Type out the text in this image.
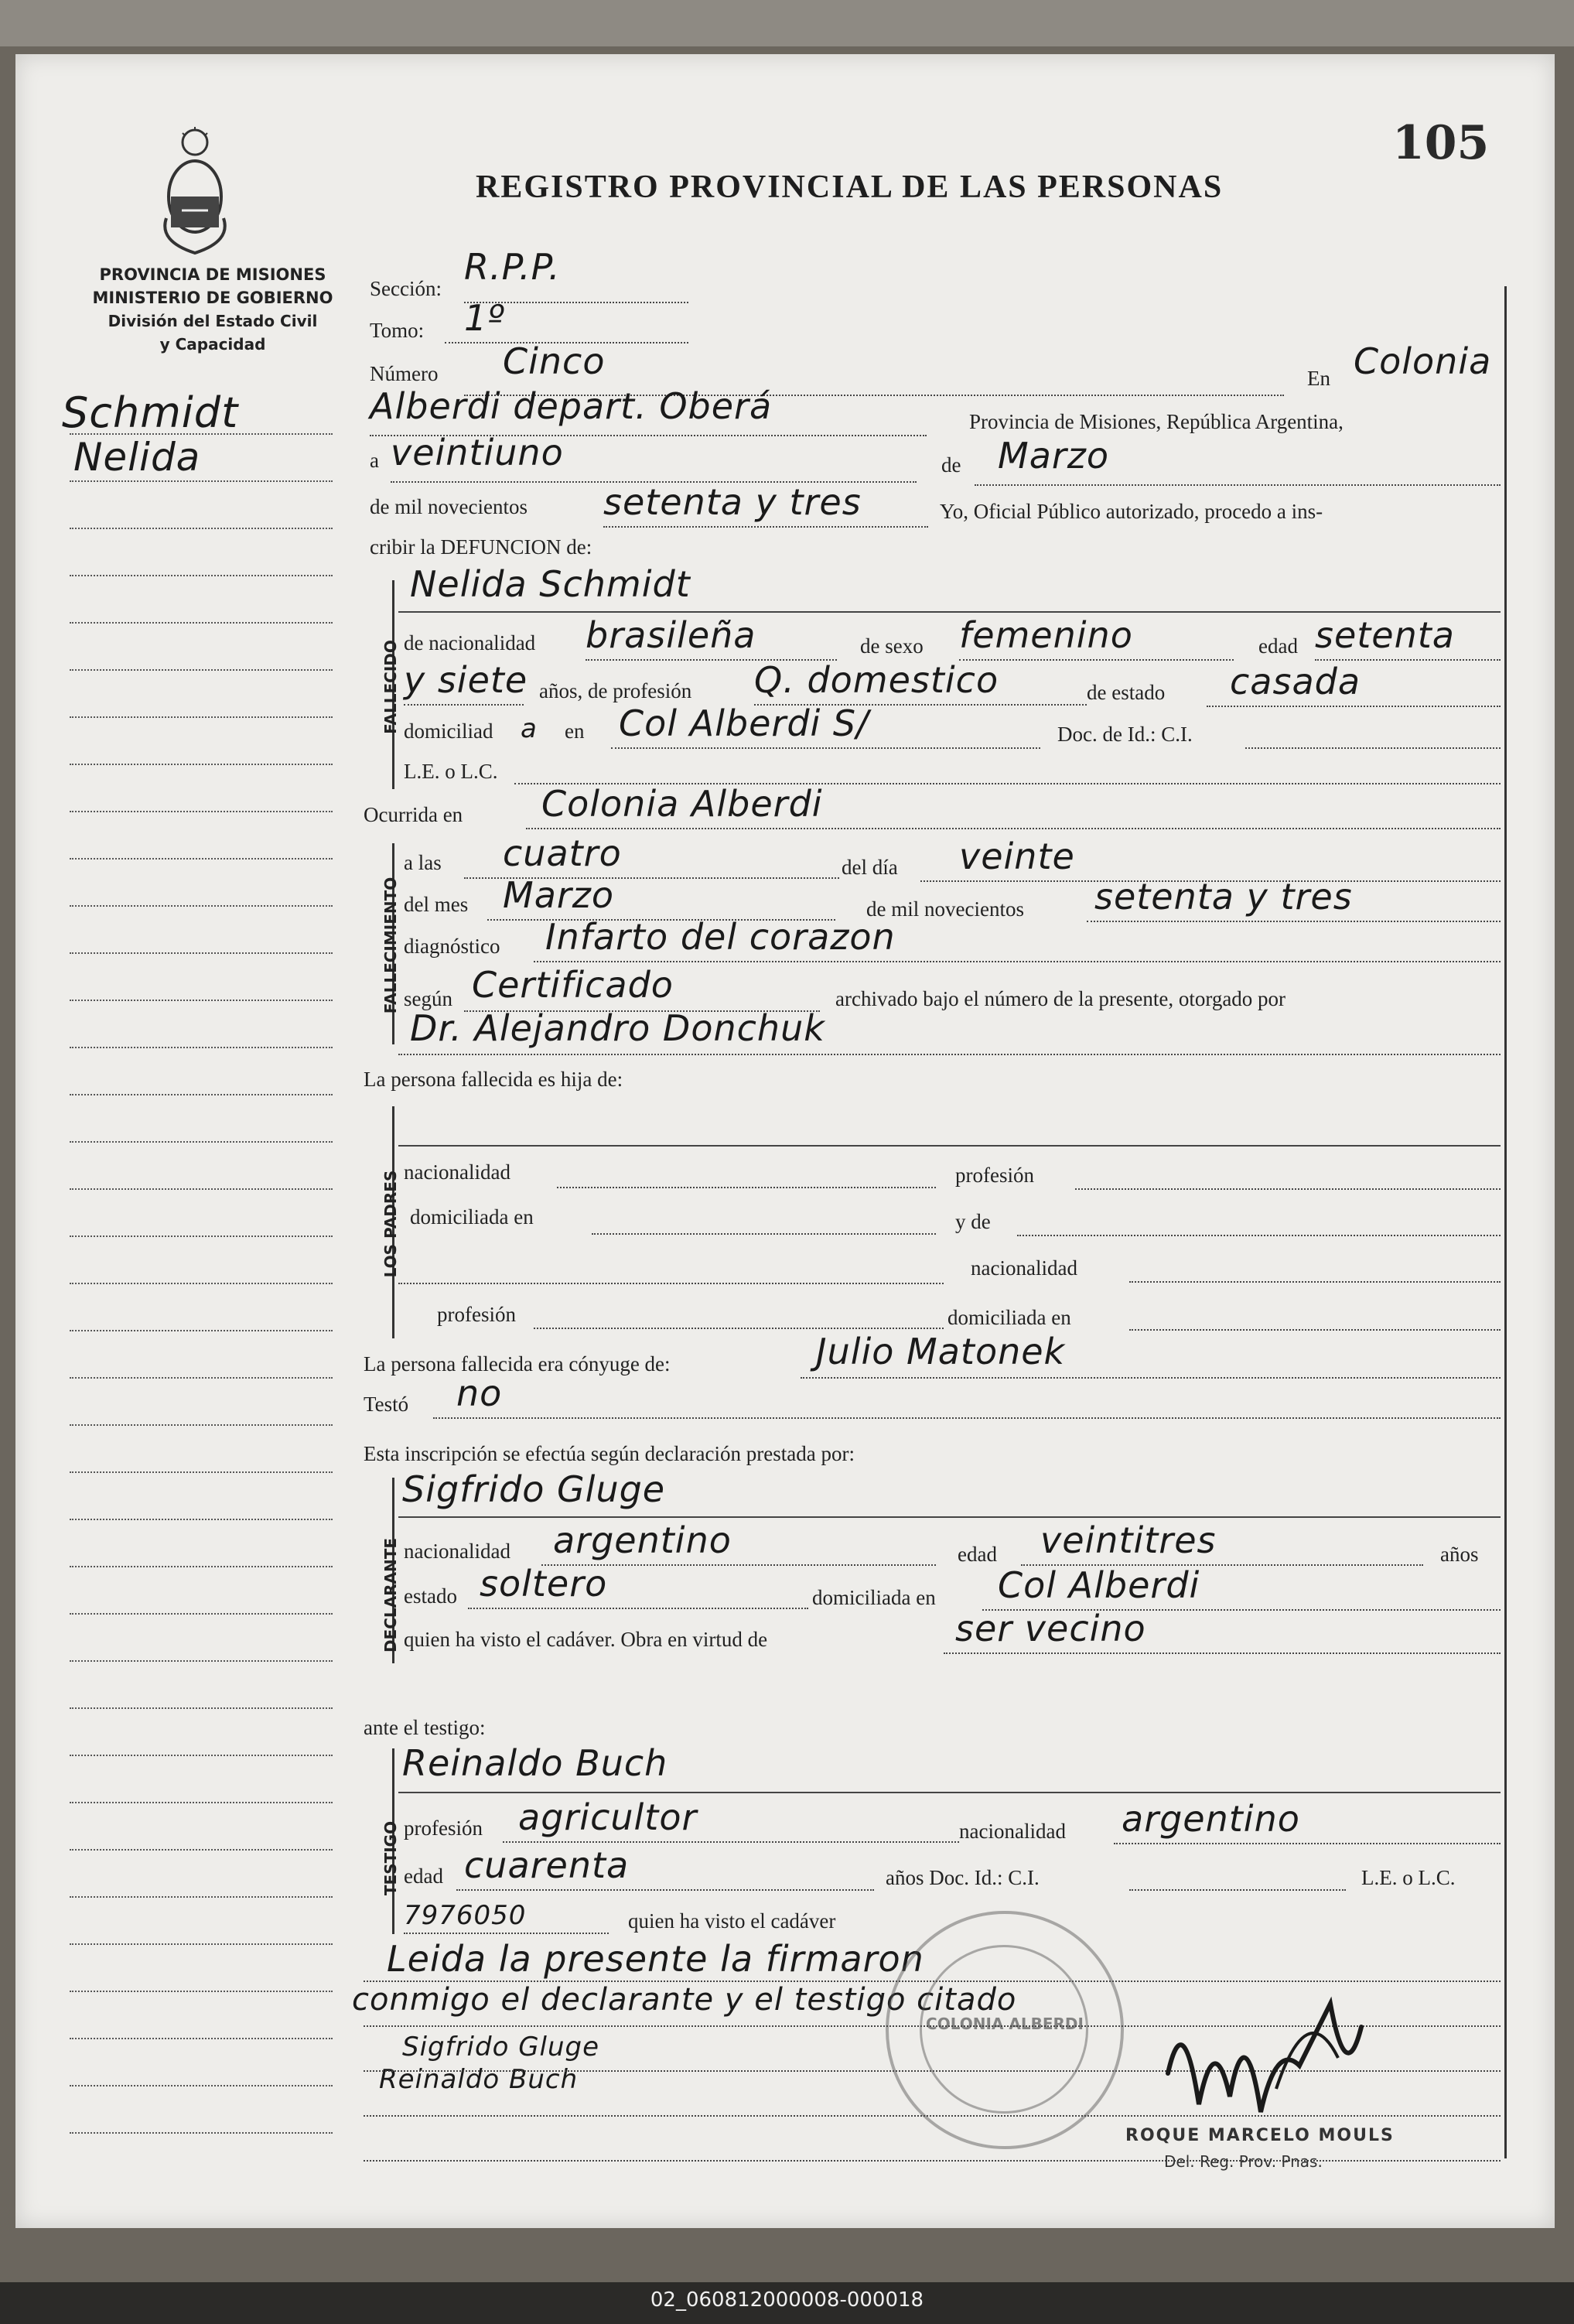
105
REGISTRO PROVINCIAL DE LAS PERSONAS
PROVINCIA DE MISIONES
MINISTERIO DE GOBIERNO
División del Estado Civil
y Capacidad
Schmidt
Nelida
Sección:
R.P.P.
Tomo: 1º
Número Cinco	En Colonia
Alberdi depart. Oberá	Provincia de Misiones, República Argentina,
a veintiuno	de Marzo
de mil novecientos setenta y tres	Yo, Oficial Público autorizado, procedo a ins-
cribir la DEFUNCION de:
FALLECIDO
Nelida Schmidt
de nacionalidad brasileña	de sexo femenino	edad setenta
y siete años, de profesión Q. domestico	de estado casada
domiciliad a en Col Alberdi S/	Doc. de Id.: C.I.
L.E. o L.C.
Ocurrida en Colonia Alberdi
FALLECIMIENTO
a las cuatro	del día veinte
del mes Marzo	de mil novecientos setenta y tres
diagnóstico Infarto del corazon
según Certificado	archivado bajo el número de la presente, otorgado por
Dr. Alejandro Donchuk
La persona fallecida es hija de:
LOS PADRES nacionalidad	profesión
domiciliada en	y de
nacionalidad
profesión	domiciliada en
La persona fallecida era cónyuge de:	Julio Matonek
Testó no
Esta inscripción se efectúa según declaración prestada por:
DECLARANTE
Sigfrido Gluge
nacionalidad argentino	edad veintitres	años
estado soltero	domiciliada en Col Alberdi
quien ha visto el cadáver. Obra en virtud de	ser vecino
ante el testigo:
TESTIGO
Reinaldo Buch
profesión agricultor	nacionalidad argentino
edad cuarenta	años Doc. Id.: C.I.	L.E. o L.C.
7976050	quien ha visto el cadáver
Leida la presente la firmaron
conmigo el declarante y el testigo citado
Sigfrido Gluge
Reinaldo Buch
COLONIA ALBERDI
ROQUE MARCELO MOULS
Del. Reg. Prov. Pnas.
02_060812000008-000018
